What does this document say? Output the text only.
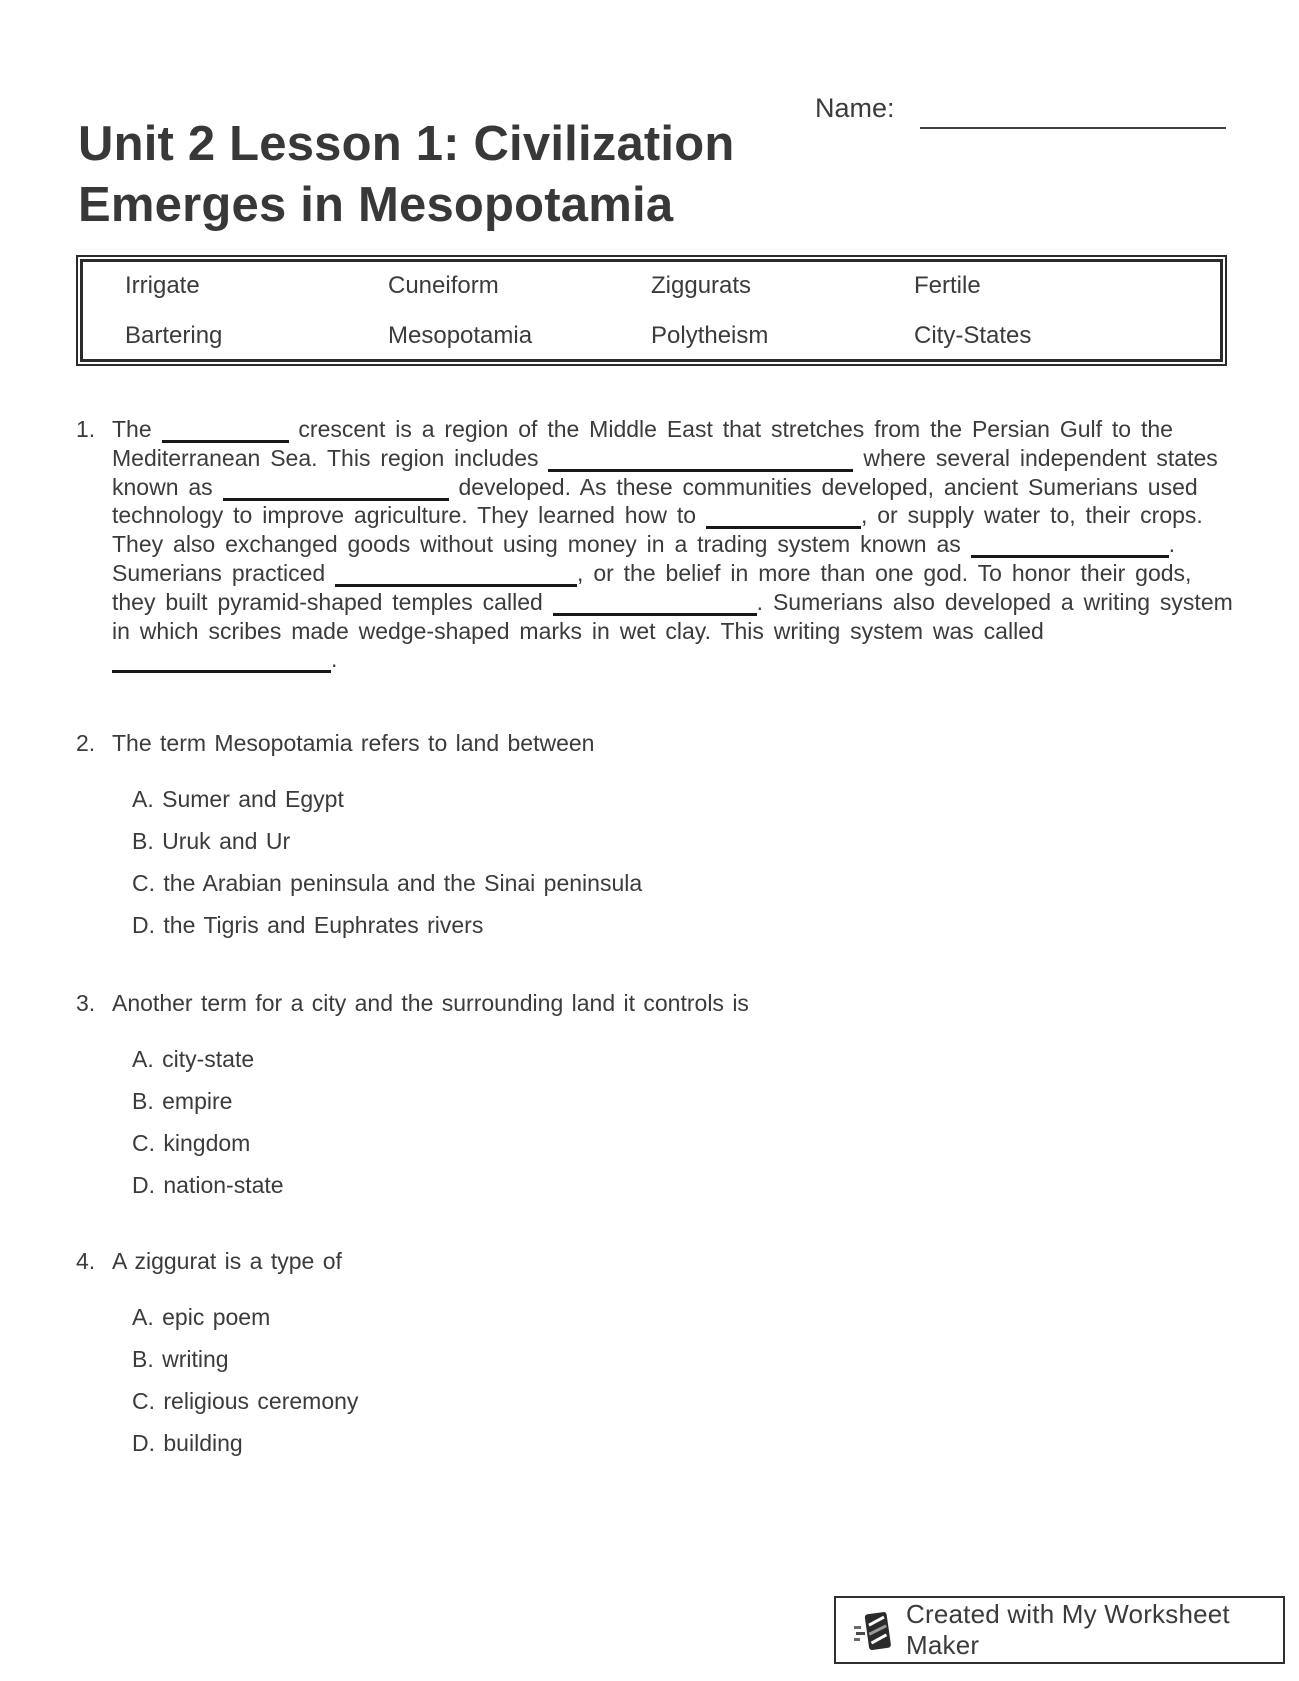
Unit 2 Lesson 1: Civilization
Emerges in Mesopotamia
Name:
Irrigate	Cuneiform	Ziggurats	Fertile
Bartering	Mesopotamia	Polytheism	City-States
1. The	crescent is a region of the Middle East that stretches from the Persian Gulf to the Mediterranean Sea. This region includes	where several independent states known as	developed. As these communities developed, ancient Sumerians used technology to improve agriculture. They learned how to	, or supply water to, their crops. They also exchanged goods without using money in a trading system known as	. Sumerians practiced	, or the belief in more than one god. To honor their gods, they built pyramid-shaped temples called	. Sumerians also developed a writing system in which scribes made wedge-shaped marks in wet clay. This writing system was called .

2. The term Mesopotamia refers to land between

A. Sumer and Egypt

B. Uruk and Ur

C. the Arabian peninsula and the Sinai peninsula

D. the Tigris and Euphrates rivers

3. Another term for a city and the surrounding land it controls is

A. city-state

B. empire

C. kingdom

D. nation-state

4. A ziggurat is a type of

A. epic poem

B. writing

C. religious ceremony

D. building

Created with My Worksheet Maker
